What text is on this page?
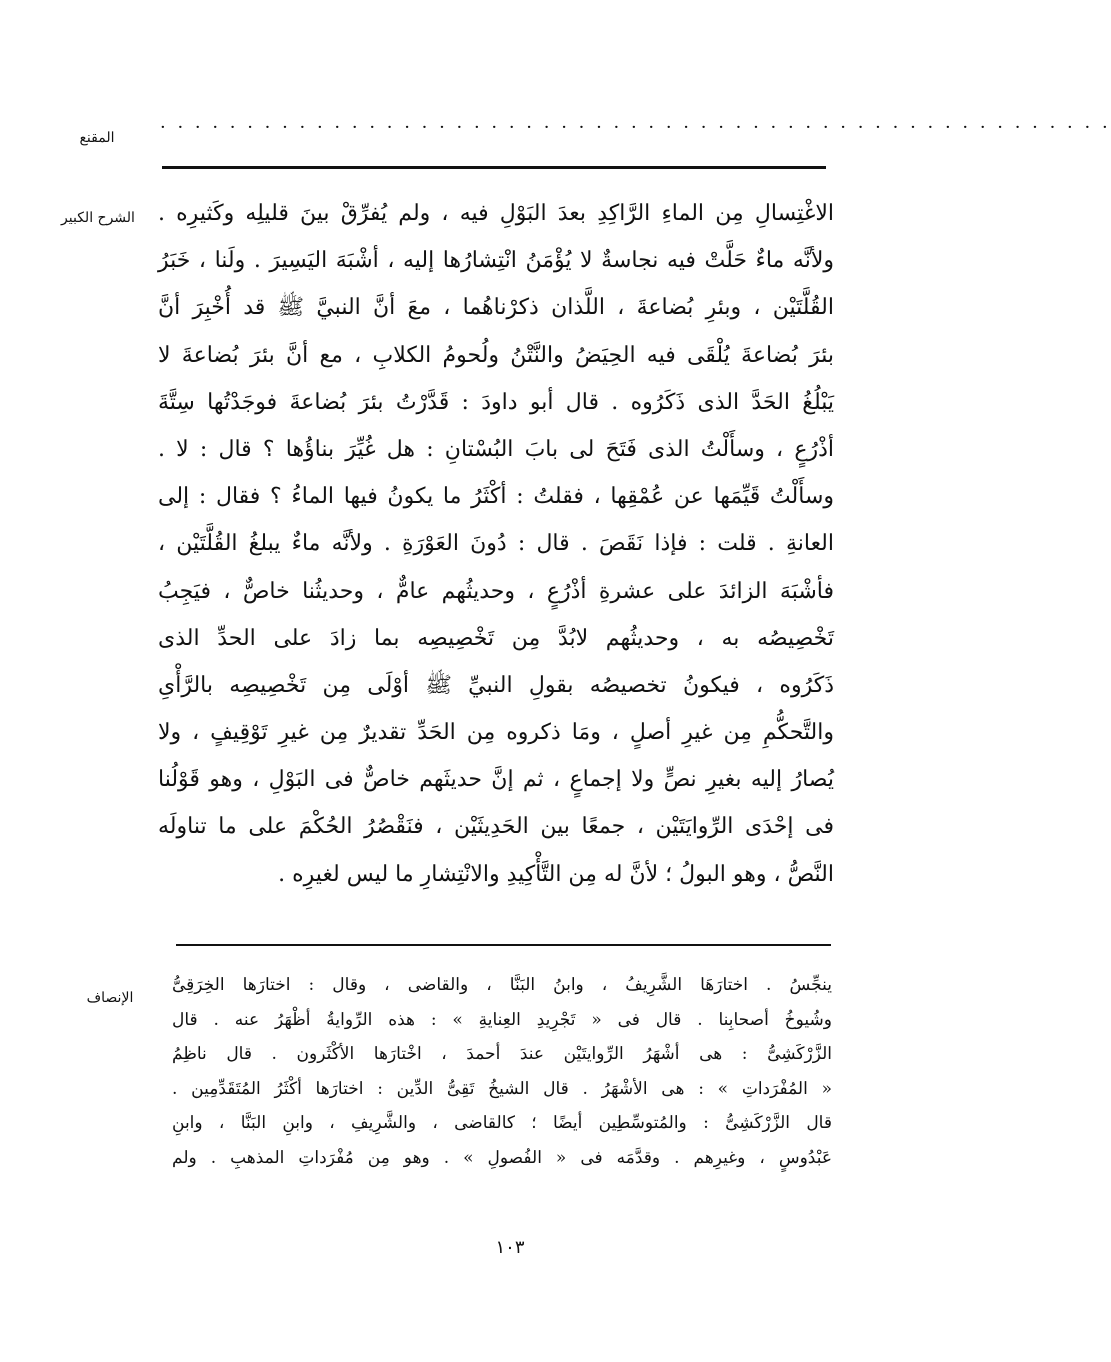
المقنع	· · · · · · · · · · · · · · · · · · · · · · · · · · · · · · · · · · · · · · · · · · · · · · · · · · · · · · ·
الشرح الكبير	الاغْتِسالِ مِن الماءِ الرَّاكِدِ بعدَ البَوْلِ فيه ، ولم يُفرِّقْ بينَ قليلِه وكَثيرِه .
ولأنَّه ماءٌ حَلَّتْ فيه نجاسةٌ لا يُؤْمَنُ انْتِشارُها إليه ، أشْبَهَ اليَسِيرَ . ولَنا ، خَبَرُ
القُلَّتَيْن ، وبئرِ بُضاعةَ ، اللَّذان ذكرْناهُما ، معَ أنَّ النبيَّ ﷺ قد أُخْبِرَ أنَّ
بئرَ بُضاعةَ يُلْقَى فيه الحِيَضُ والنَّتْنُ ولُحومُ الكلابِ ، مع أنَّ بئرَ بُضاعةَ لا
يَبْلُغُ الحَدَّ الذى ذَكَرُوه . قال أبو داودَ : قَدَّرْتُ بئرَ بُضاعةَ فوجَدْتُها سِتَّةَ
أذْرُعٍ ، وسأَلْتُ الذى فَتَحَ لى بابَ البُسْتانِ : هل غُيِّرَ بناؤُها ؟ قال : لا .
وسأَلْتُ قَيِّمَها عن عُمْقِها ، فقلتُ : أكْثَرُ ما يكونُ فيها الماءُ ؟ فقال : إلى
العانةِ . قلت : فإذا نَقَصَ . قال : دُونَ العَوْرَةِ . ولأنَّه ماءٌ يبلغُ القُلَّتَيْن ،
فأشْبَهَ الزائدَ على عشرةِ أذْرُعٍ ، وحديثُهم عامٌّ ، وحديثُنا خاصٌّ ، فيَجِبُ
تَخْصِيصُه به ، وحديثُهم لابُدَّ مِن تَخْصِيصِه بما زادَ على الحدِّ الذى
ذَكَرُوه ، فيكونُ تخصيصُه بقولِ النبيِّ ﷺ أوْلَى مِن تَخْصِيصِه بالرَّأْىِ
والتَّحكُّمِ مِن غيرِ أصلٍ ، ومَا ذكروه مِن الحَدِّ تقديرٌ مِن غيرِ تَوْقِيفٍ ، ولا
يُصارُ إليه بغيرِ نصٍّ ولا إجماعٍ ، ثم إنَّ حديثَهم خاصٌّ فى البَوْلِ ، وهو قَوْلُنا
فى إحْدَى الرِّوايَتَيْن ، جمعًا بين الحَدِيثَيْن ، فنَقْصُرُ الحُكْمَ على ما تناولَه
النَّصُّ ، وهو البولُ ؛ لأنَّ له مِن التَّأْكِيدِ والانْتِشارِ ما ليس لغيرِه .
الإنصاف
ينجِّسُ . اختارَهَا الشَّرِيفُ ، وابنُ البَنَّا ، والقاضى ، وقال : اختارَها الخِرَقِىُّ
وشُيوخُ أصحابِنا . قال فى « تَجْرِيدِ العِنايةِ » : هذه الرِّوايةُ أظْهَرُ عنه . قال
الزَّرْكَشِىُّ : هى أشْهَرُ الرِّوايتَيْن عندَ أحمدَ ، اخْتارَها الأكْثَرون . قال ناظِمُ
« المُفْرَداتِ » : هى الأشْهَرُ . قال الشيخُ تَقِىُّ الدِّين : اختارَها أكْثَرُ المُتَقَدِّمِين .
قال الزَّرْكَشِىُّ : والمُتوسِّطِين أيضًا ؛ كالقاضى ، والشَّرِيفِ ، وابنِ البَنَّا ، وابنِ
عَبْدُوسٍ ، وغيرِهم . وقدَّمَه فى « الفُصولِ » . وهو مِن مُفْرَداتِ المذهبِ . ولم
١٠٣
